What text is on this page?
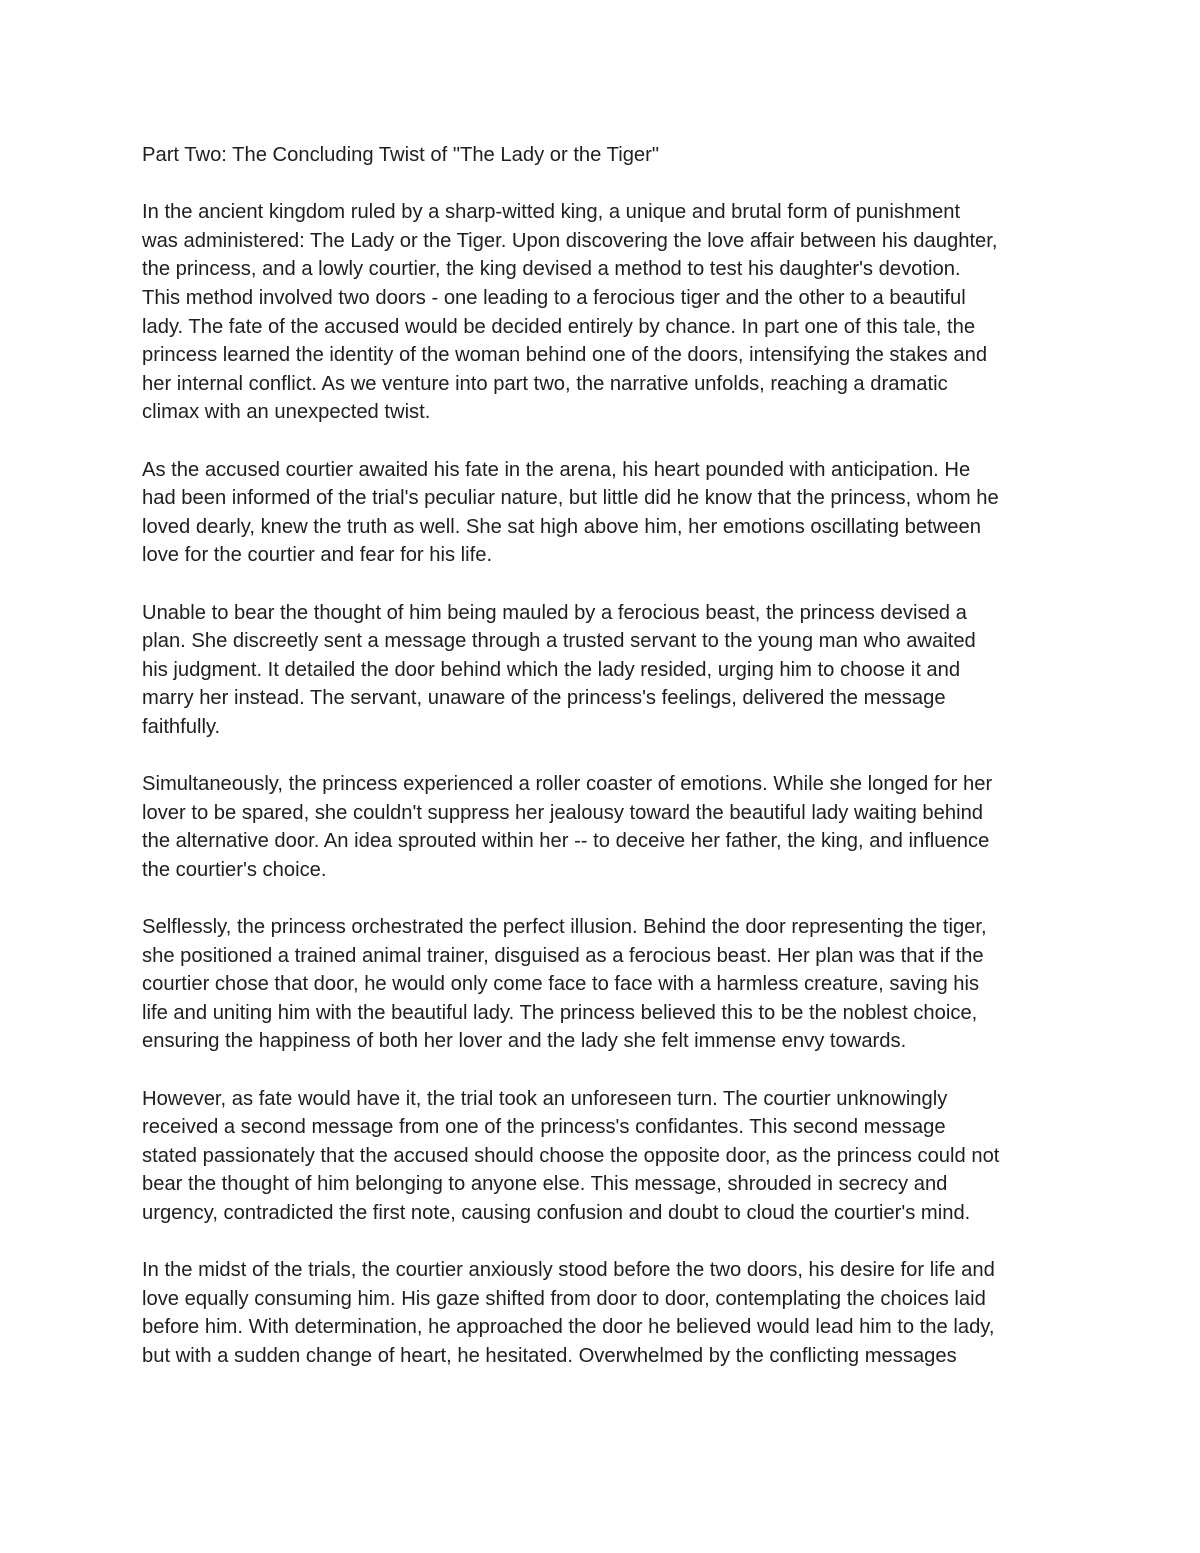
Part Two: The Concluding Twist of "The Lady or the Tiger"
In the ancient kingdom ruled by a sharp-witted king, a unique and brutal form of punishment
was administered: The Lady or the Tiger. Upon discovering the love affair between his daughter,
the princess, and a lowly courtier, the king devised a method to test his daughter's devotion.
This method involved two doors - one leading to a ferocious tiger and the other to a beautiful
lady. The fate of the accused would be decided entirely by chance. In part one of this tale, the
princess learned the identity of the woman behind one of the doors, intensifying the stakes and
her internal conflict. As we venture into part two, the narrative unfolds, reaching a dramatic
climax with an unexpected twist.
As the accused courtier awaited his fate in the arena, his heart pounded with anticipation. He
had been informed of the trial's peculiar nature, but little did he know that the princess, whom he
loved dearly, knew the truth as well. She sat high above him, her emotions oscillating between
love for the courtier and fear for his life.
Unable to bear the thought of him being mauled by a ferocious beast, the princess devised a
plan. She discreetly sent a message through a trusted servant to the young man who awaited
his judgment. It detailed the door behind which the lady resided, urging him to choose it and
marry her instead. The servant, unaware of the princess's feelings, delivered the message
faithfully.
Simultaneously, the princess experienced a roller coaster of emotions. While she longed for her
lover to be spared, she couldn't suppress her jealousy toward the beautiful lady waiting behind
the alternative door. An idea sprouted within her -- to deceive her father, the king, and influence
the courtier's choice.
Selflessly, the princess orchestrated the perfect illusion. Behind the door representing the tiger,
she positioned a trained animal trainer, disguised as a ferocious beast. Her plan was that if the
courtier chose that door, he would only come face to face with a harmless creature, saving his
life and uniting him with the beautiful lady. The princess believed this to be the noblest choice,
ensuring the happiness of both her lover and the lady she felt immense envy towards.
However, as fate would have it, the trial took an unforeseen turn. The courtier unknowingly
received a second message from one of the princess's confidantes. This second message
stated passionately that the accused should choose the opposite door, as the princess could not
bear the thought of him belonging to anyone else. This message, shrouded in secrecy and
urgency, contradicted the first note, causing confusion and doubt to cloud the courtier's mind.
In the midst of the trials, the courtier anxiously stood before the two doors, his desire for life and
love equally consuming him. His gaze shifted from door to door, contemplating the choices laid
before him. With determination, he approached the door he believed would lead him to the lady,
but with a sudden change of heart, he hesitated. Overwhelmed by the conflicting messages
